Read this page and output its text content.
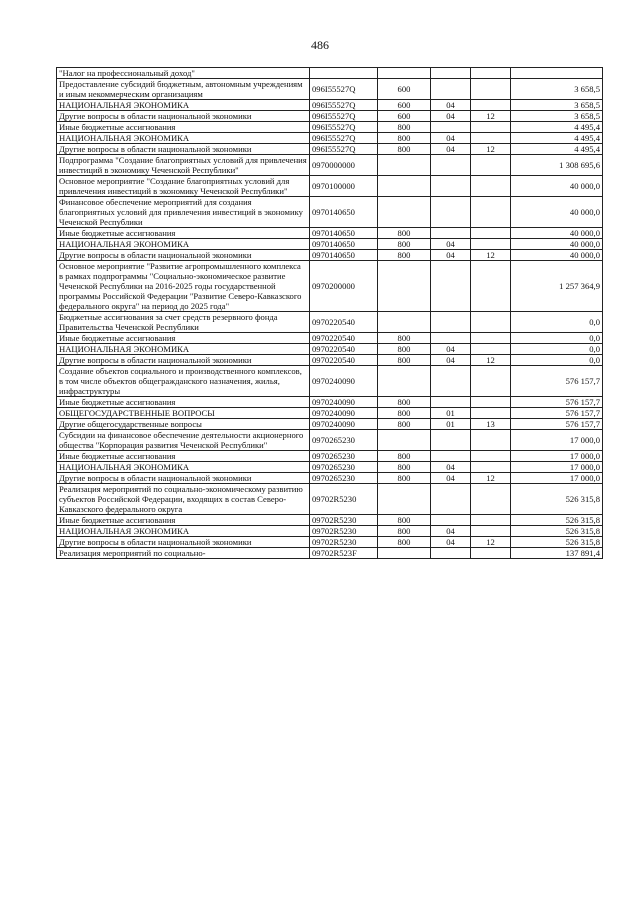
486
"Налог на профессиональный доход"					
Предоставление субсидий бюджетным, автономным учреждениям и иным некоммерческим организациям	096I55527Q	600			3 658,5
НАЦИОНАЛЬНАЯ ЭКОНОМИКА	096I55527Q	600	04		3 658,5
Другие вопросы в области национальной экономики	096I55527Q	600	04	12	3 658,5
Иные бюджетные ассигнования	096I55527Q	800			4 495,4
НАЦИОНАЛЬНАЯ ЭКОНОМИКА	096I55527Q	800	04		4 495,4
Другие вопросы в области национальной экономики	096I55527Q	800	04	12	4 495,4
Подпрограмма "Создание благоприятных условий для привлечения инвестиций в экономику Чеченской Республики"	0970000000				1 308 695,6
Основное мероприятие "Создание благоприятных условий для привлечения инвестиций в экономику Чеченской Республики"	0970100000				40 000,0
Финансовое обеспечение мероприятий для создания благоприятных условий для привлечения инвестиций в экономику Чеченской Республики	0970140650				40 000,0
Иные бюджетные ассигнования	0970140650	800			40 000,0
НАЦИОНАЛЬНАЯ ЭКОНОМИКА	0970140650	800	04		40 000,0
Другие вопросы в области национальной экономики	0970140650	800	04	12	40 000,0
Основное мероприятие "Развитие агропромышленного комплекса в рамках подпрограммы "Социально-экономическое развитие Чеченской Республики на 2016-2025 годы государственной программы Российской Федерации "Развитие Северо-Кавказского федерального округа" на период до 2025 года"	0970200000				1 257 364,9
Бюджетные ассигнования за счет средств резервного фонда Правительства Чеченской Республики	0970220540				0,0
Иные бюджетные ассигнования	0970220540	800			0,0
НАЦИОНАЛЬНАЯ ЭКОНОМИКА	0970220540	800	04		0,0
Другие вопросы в области национальной экономики	0970220540	800	04	12	0,0
Создание объектов социального и производственного комплексов, в том числе объектов общегражданского назначения, жилья, инфраструктуры	0970240090				576 157,7
Иные бюджетные ассигнования	0970240090	800			576 157,7
ОБЩЕГОСУДАРСТВЕННЫЕ ВОПРОСЫ	0970240090	800	01		576 157,7
Другие общегосударственные вопросы	0970240090	800	01	13	576 157,7
Субсидии на финансовое обеспечение деятельности акционерного общества "Корпорация развития Чеченской Республики"	0970265230				17 000,0
Иные бюджетные ассигнования	0970265230	800			17 000,0
НАЦИОНАЛЬНАЯ ЭКОНОМИКА	0970265230	800	04		17 000,0
Другие вопросы в области национальной экономики	0970265230	800	04	12	17 000,0
Реализация мероприятий по социально-экономическому развитию субъектов Российской Федерации, входящих в состав Северо-Кавказского федерального округа	09702R5230				526 315,8
Иные бюджетные ассигнования	09702R5230	800			526 315,8
НАЦИОНАЛЬНАЯ ЭКОНОМИКА	09702R5230	800	04		526 315,8
Другие вопросы в области национальной экономики	09702R5230	800	04	12	526 315,8
Реализация мероприятий по социально-	09702R523F				137 891,4
